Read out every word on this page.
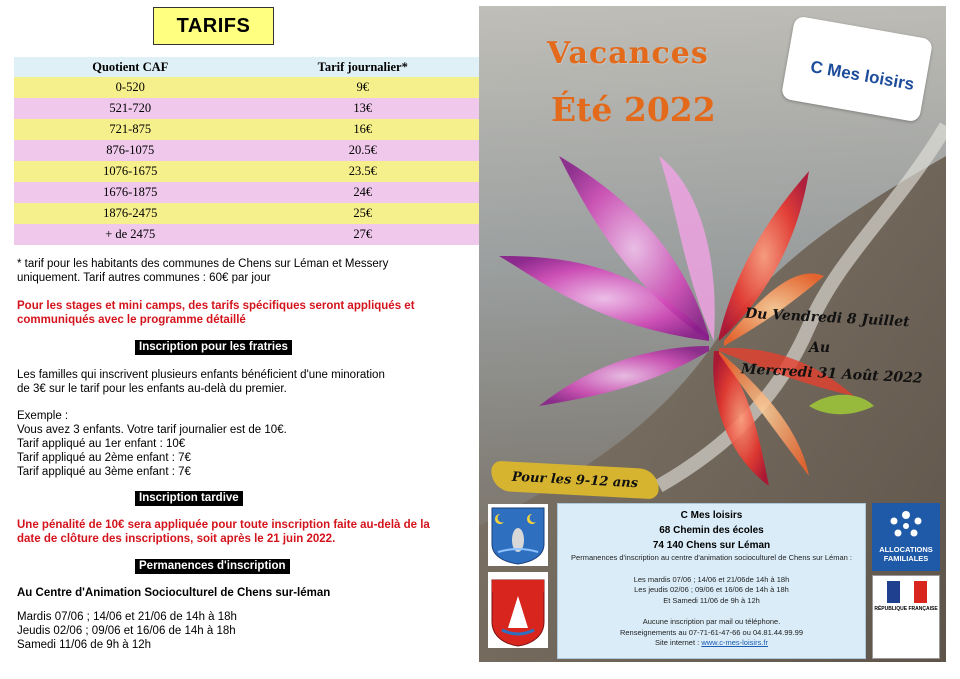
TARIFS
Quotient CAF	Tarif journalier*
0-520	9€
521-720	13€
721-875	16€
876-1075	20.5€
1076-1675	23.5€
1676-1875	24€
1876-2475	25€
+ de 2475	27€
* tarif pour les habitants des communes de Chens sur Léman et Messery
uniquement. Tarif autres communes : 60€ par jour
Pour les stages et mini camps, des tarifs spécifiques seront appliqués et
communiqués avec le programme détaillé
Inscription pour les fratries
Les familles qui inscrivent plusieurs enfants bénéficient d'une minoration
de 3€ sur le tarif pour les enfants au-delà du premier.
Exemple :
Vous avez 3 enfants. Votre tarif journalier est de 10€.
Tarif appliqué au 1er enfant : 10€
Tarif appliqué au 2ème enfant : 7€
Tarif appliqué au 3ème enfant : 7€
Inscription tardive
Une pénalité de 10€ sera appliquée pour toute inscription faite au-delà de la
date de clôture des inscriptions, soit après le 21 juin 2022.
Permanences d'inscription
Au Centre d'Animation Socioculturel de Chens sur-léman
Mardis 07/06 ; 14/06 et 21/06 de 14h à 18h
Jeudis 02/06 ; 09/06 et 16/06 de 14h à 18h
Samedi 11/06 de 9h à 12h
Vacances
Été 2022
C Mes loisirs
Du Vendredi 8 Juillet
Au
Mercredi 31 Août 2022
Pour les 9-12 ans
C Mes loisirs
68 Chemin des écoles
74 140 Chens sur Léman
Permanences d'inscription au centre d'animation socioculturel de Chens sur Léman :
Les mardis 07/06 ; 14/06 et 21/06de 14h à 18h
Les jeudis 02/06 ; 09/06 et 16/06 de 14h à 18h
Et Samedi 11/06 de 9h à 12h
Aucune inscription par mail ou téléphone.
Renseignements au 07-71-61-47-66 ou 04.81.44.99.99
Site internet : www.c-mes-loisirs.fr
ALLOCATIONS FAMILIALES
RÉPUBLIQUE FRANÇAISE
